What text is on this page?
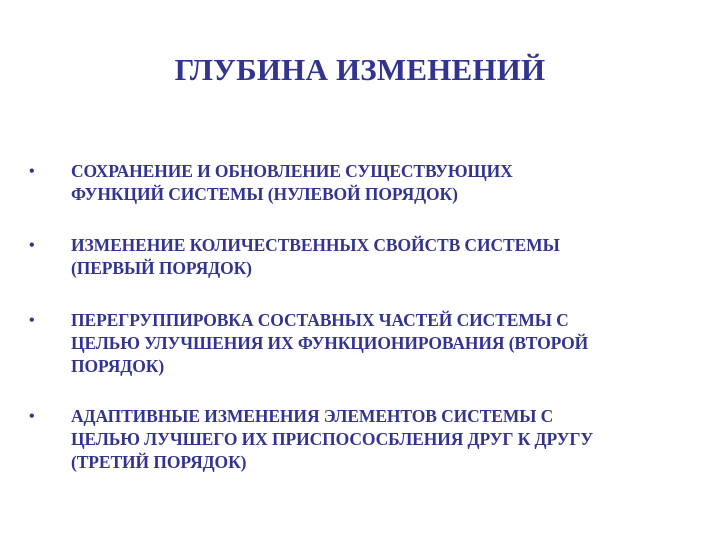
ГЛУБИНА ИЗМЕНЕНИЙ
•	СОХРАНЕНИЕ И ОБНОВЛЕНИЕ СУЩЕСТВУЮЩИХ
ФУНКЦИЙ СИСТЕМЫ (НУЛЕВОЙ ПОРЯДОК)
•	ИЗМЕНЕНИЕ КОЛИЧЕСТВЕННЫХ СВОЙСТВ СИСТЕМЫ
(ПЕРВЫЙ ПОРЯДОК)
•	ПЕРЕГРУППИРОВКА СОСТАВНЫХ ЧАСТЕЙ СИСТЕМЫ С
ЦЕЛЬЮ УЛУЧШЕНИЯ ИХ ФУНКЦИОНИРОВАНИЯ (ВТОРОЙ
ПОРЯДОК)
•	АДАПТИВНЫЕ ИЗМЕНЕНИЯ ЭЛЕМЕНТОВ СИСТЕМЫ С
ЦЕЛЬЮ ЛУЧШЕГО ИХ ПРИСПОСОСБЛЕНИЯ ДРУГ К ДРУГУ
(ТРЕТИЙ ПОРЯДОК)
